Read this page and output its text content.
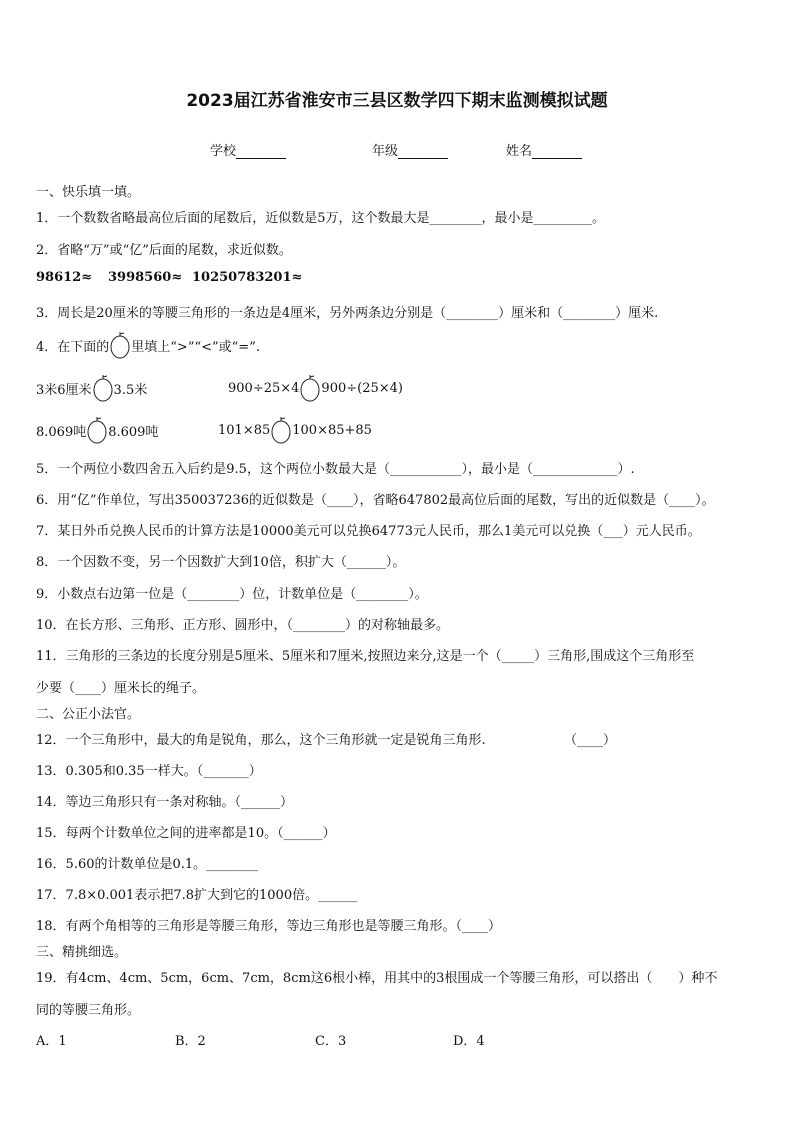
2023届江苏省淮安市三县区数学四下期末监测模拟试题
学校	年级	姓名
一、快乐填一填。
1．一个数数省略最高位后面的尾数后，近似数是5万，这个数最大是________，最小是_________。
2．省略“万”或“亿”后面的尾数，求近似数。
98612≈ 3998560≈ 10250783201≈
3．周长是20厘米的等腰三角形的一条边是4厘米，另外两条边分别是（________）厘米和（________）厘米.
4．在下面的 里填上“>”“<”或“=”.
3米6厘米 3.5米	900÷25×4 900÷(25×4)
8.069吨 8.609吨	101×85 100×85+85
5．一个两位小数四舍五入后约是9.5，这个两位小数最大是（___________），最小是（_____________）.
6．用“亿”作单位，写出350037236的近似数是（____），省略647802最高位后面的尾数，写出的近似数是（____）。
7．某日外币兑换人民币的计算方法是10000美元可以兑换64773元人民币，那么1美元可以兑换（___）元人民币。
8．一个因数不变，另一个因数扩大到10倍，积扩大（______）。
9．小数点右边第一位是（________）位，计数单位是（________）。
10．在长方形、三角形、正方形、圆形中，（________）的对称轴最多。
11．三角形的三条边的长度分别是5厘米、5厘米和7厘米,按照边来分,这是一个（_____）三角形,围成这个三角形至
少要（____）厘米长的绳子。
二、公正小法官。
12．一个三角形中，最大的角是锐角，那么，这个三角形就一定是锐角三角形.	（____）
13．0.305和0.35一样大。（_______）
14．等边三角形只有一条对称轴。（______）
15．每两个计数单位之间的进率都是10。（______）
16．5.60的计数单位是0.1。________
17．7.8×0.001表示把7.8扩大到它的1000倍。______
18．有两个角相等的三角形是等腰三角形，等边三角形也是等腰三角形。（____）
三、精挑细选。
19．有4cm、4cm、5cm，6cm、7cm，8cm这6根小棒，用其中的3根围成一个等腰三角形，可以搭出（　　）种不
同的等腰三角形。
A．1	B．2	C．3	D．4
